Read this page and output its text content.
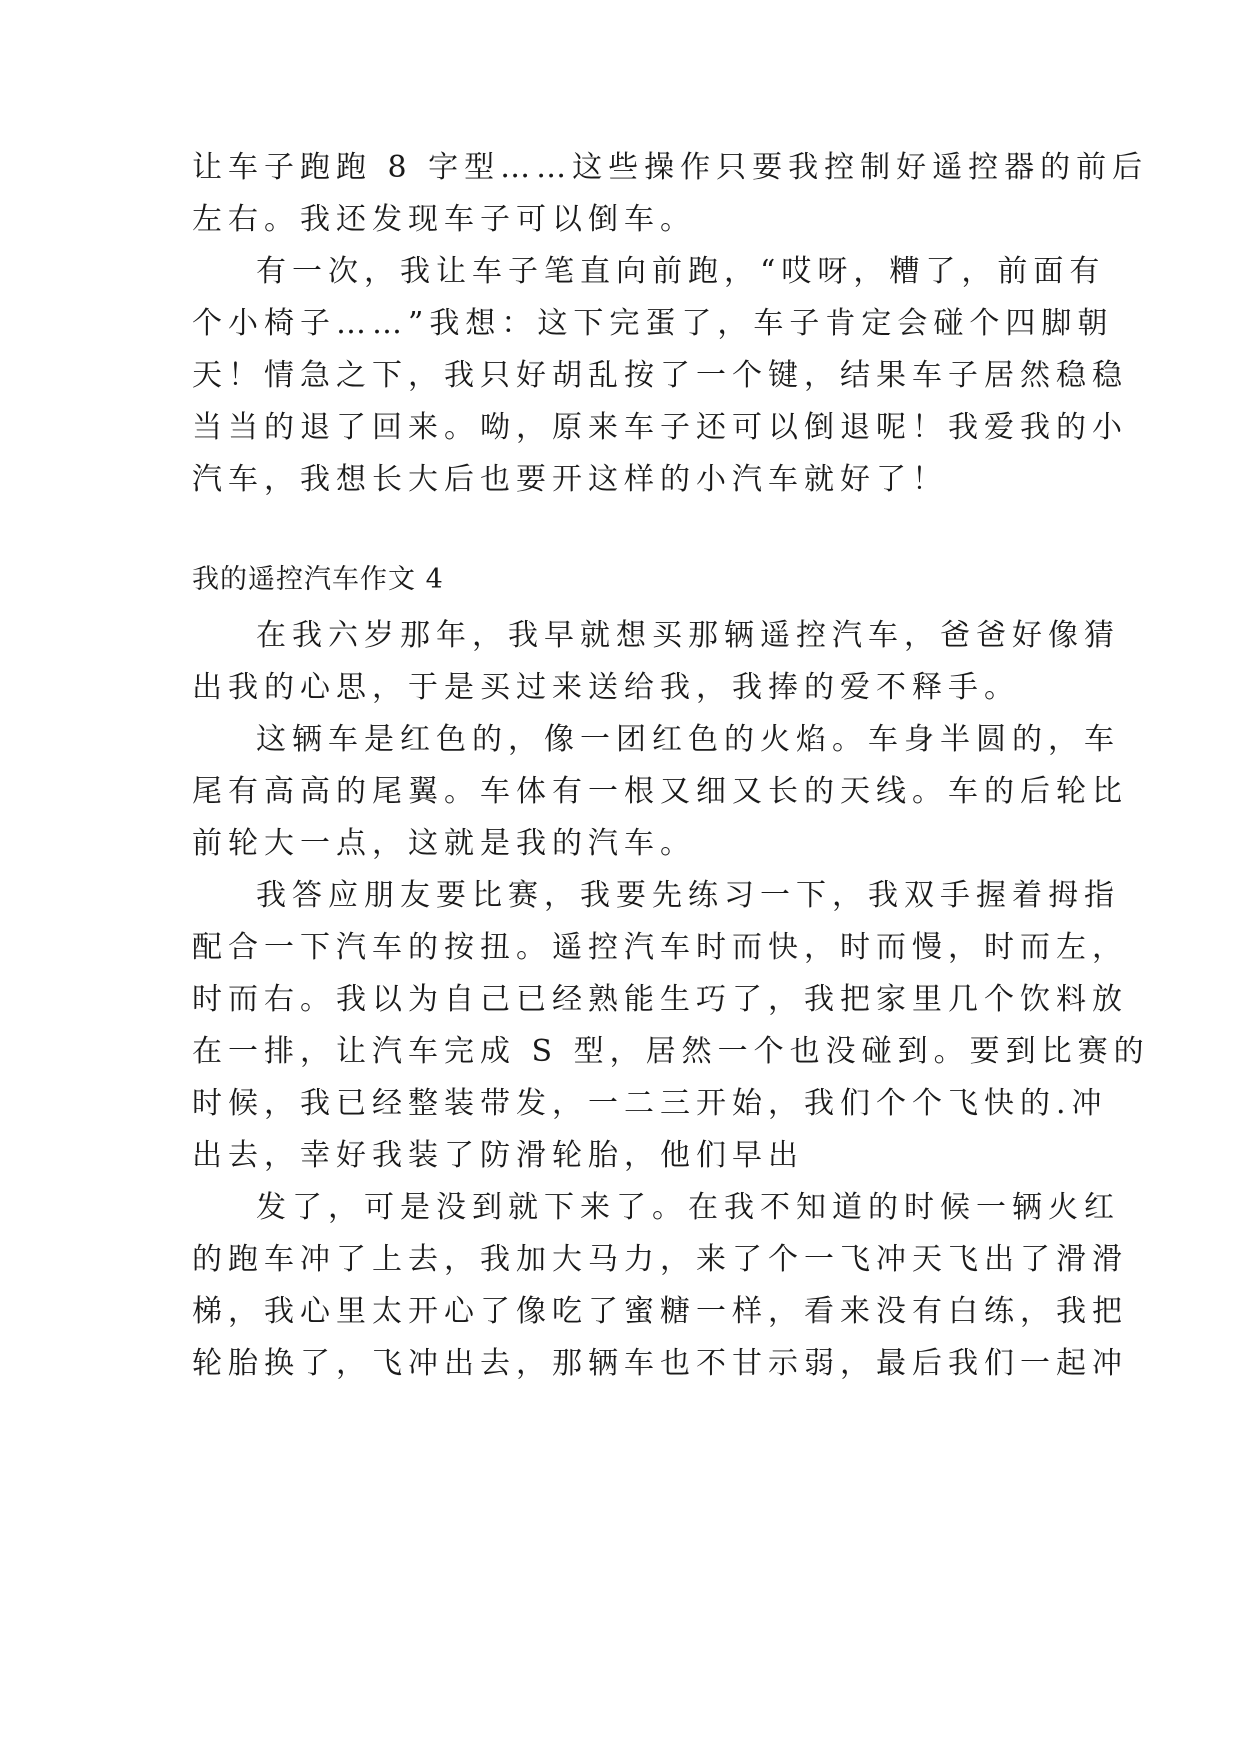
让车子跑跑 8 字型……这些操作只要我控制好遥控器的前后
左右。我还发现车子可以倒车。
有一次，我让车子笔直向前跑，“哎呀，糟了，前面有
个小椅子……”我想：这下完蛋了，车子肯定会碰个四脚朝
天！情急之下，我只好胡乱按了一个键，结果车子居然稳稳
当当的退了回来。呦，原来车子还可以倒退呢！我爱我的小
汽车，我想长大后也要开这样的小汽车就好了！
我的遥控汽车作文 4
在我六岁那年，我早就想买那辆遥控汽车，爸爸好像猜
出我的心思，于是买过来送给我，我捧的爱不释手。
这辆车是红色的，像一团红色的火焰。车身半圆的，车
尾有高高的尾翼。车体有一根又细又长的天线。车的后轮比
前轮大一点，这就是我的汽车。
我答应朋友要比赛，我要先练习一下，我双手握着拇指
配合一下汽车的按扭。遥控汽车时而快，时而慢，时而左，
时而右。我以为自己已经熟能生巧了，我把家里几个饮料放
在一排，让汽车完成 S 型，居然一个也没碰到。要到比赛的
时候，我已经整装带发，一二三开始，我们个个飞快的.冲
出去，幸好我装了防滑轮胎，他们早出
发了，可是没到就下来了。在我不知道的时候一辆火红
的跑车冲了上去，我加大马力，来了个一飞冲天飞出了滑滑
梯，我心里太开心了像吃了蜜糖一样，看来没有白练，我把
轮胎换了，飞冲出去，那辆车也不甘示弱，最后我们一起冲
